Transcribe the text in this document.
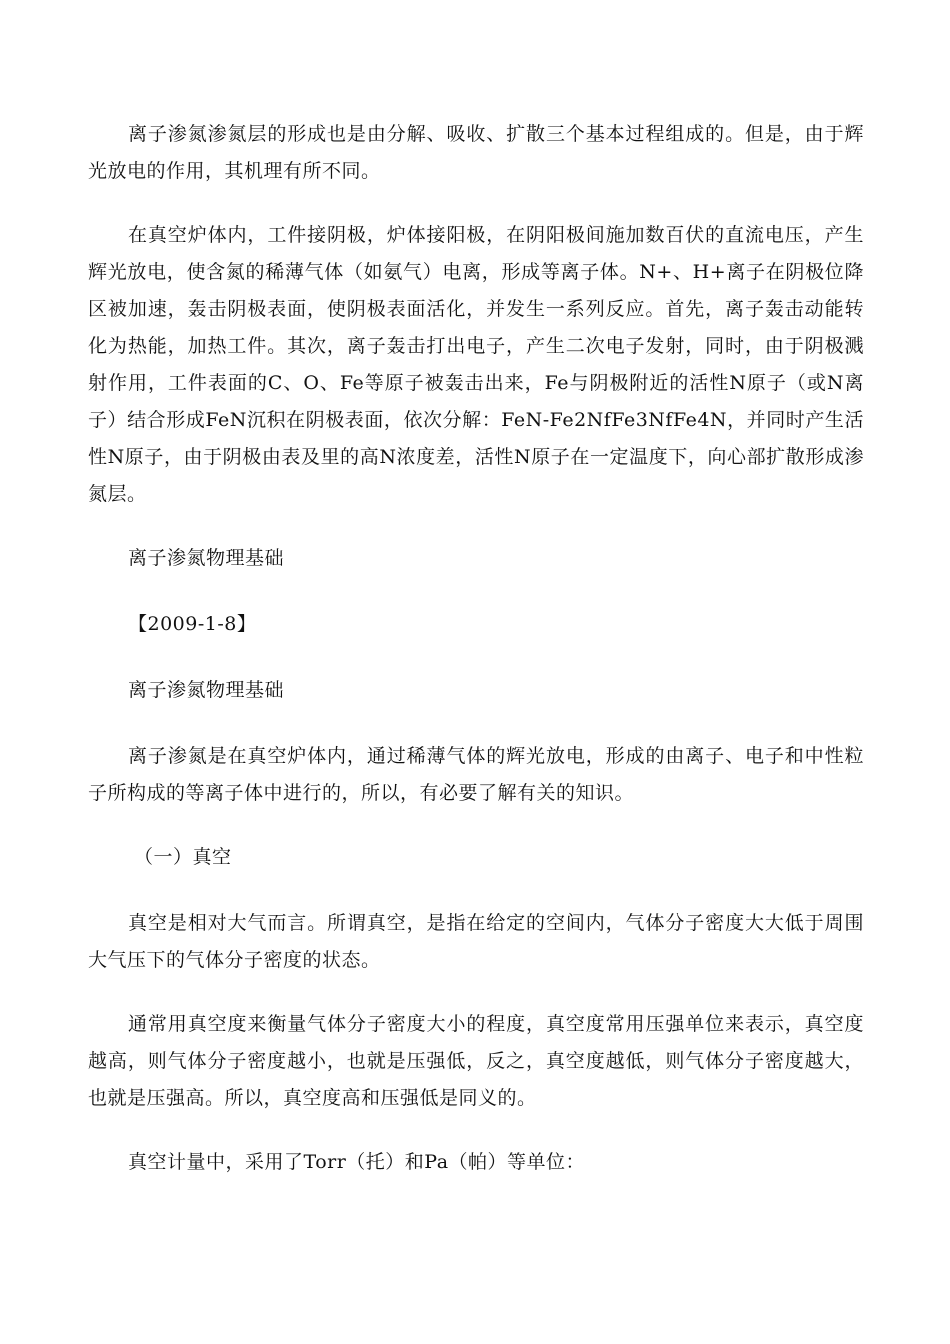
离子渗氮渗氮层的形成也是由分解、吸收、扩散三个基本过程组成的。但是，由于辉光放电的作用，其机理有所不同。

在真空炉体内，工件接阴极，炉体接阳极，在阴阳极间施加数百伏的直流电压，产生辉光放电，使含氮的稀薄气体（如氨气）电离，形成等离子体。N+、H+离子在阴极位降区被加速，轰击阴极表面，使阴极表面活化，并发生一系列反应。首先，离子轰击动能转化为热能，加热工件。其次，离子轰击打出电子，产生二次电子发射，同时，由于阴极溅射作用，工件表面的C、O、Fe等原子被轰击出来，Fe与阴极附近的活性N原子（或N离子）结合形成FeN沉积在阴极表面，依次分解：FeN-Fe2NfFe3NfFe4N，并同时产生活性N原子，由于阴极由表及里的高N浓度差，活性N原子在一定温度下，向心部扩散形成渗氮层。

离子渗氮物理基础

【2009-1-8】

离子渗氮物理基础

离子渗氮是在真空炉体内，通过稀薄气体的辉光放电，形成的由离子、电子和中性粒子所构成的等离子体中进行的，所以，有必要了解有关的知识。

（一）真空

真空是相对大气而言。所谓真空，是指在给定的空间内，气体分子密度大大低于周围大气压下的气体分子密度的状态。

通常用真空度来衡量气体分子密度大小的程度，真空度常用压强单位来表示，真空度越高，则气体分子密度越小，也就是压强低，反之，真空度越低，则气体分子密度越大，也就是压强高。所以，真空度高和压强低是同义的。

真空计量中，采用了Torr（托）和Pa（帕）等单位：
